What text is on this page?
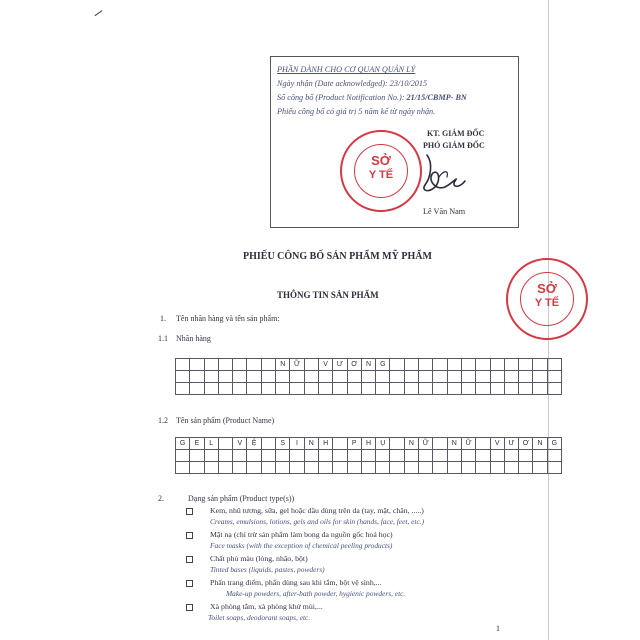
PHẦN DÀNH CHO CƠ QUAN QUẢN LÝ
Ngày nhận (Date acknowledged): 23/10/2015
Số công bố (Product Notification No.): 21/15/CBMP- BN
Phiếu công bố có giá trị 5 năm kể từ ngày nhận.
KT. GIÁM ĐỐC
PHÓ GIÁM ĐỐC
Lê Văn Nam
SỞ
Y TẾ
SỞ
Y TẾ
PHIẾU CÔNG BỐ SẢN PHẨM MỸ PHẨM
THÔNG TIN SẢN PHẨM
1. Tên nhãn hàng và tên sản phẩm:
1.1 Nhãn hàng
							N	Ữ		V	Ư	Ơ	N	G												

1.2 Tên sản phẩm (Product Name)
G	E	L		V	Ệ		S	I	N	H		P	H	Ụ		N	Ữ		N	Ữ		V	Ư	Ơ	N	G

2.	Dạng sản phẩm (Product type(s))
Kem, nhũ tương, sữa, gel hoặc dầu dùng trên da (tay, mặt, chân, .....)
Creams, emulsions, lotions, gels and oils for skin (hands, face, feet, etc.)
Mặt nạ (chỉ trừ sản phẩm làm bong da nguồn gốc hoá học)
Face masks (with the exception of chemical peeling products)
Chất phủ màu (lỏng, nhão, bột)
Tinted bases (liquids, pastes, powders)
Phấn trang điểm, phấn dùng sau khi tắm, bột vệ sinh,...
Make-up powders, after-bath powder, hygienic powders, etc.
Xà phòng tắm, xà phòng khử mùi,...
Toilet soaps, deodorant soaps, etc.
1
